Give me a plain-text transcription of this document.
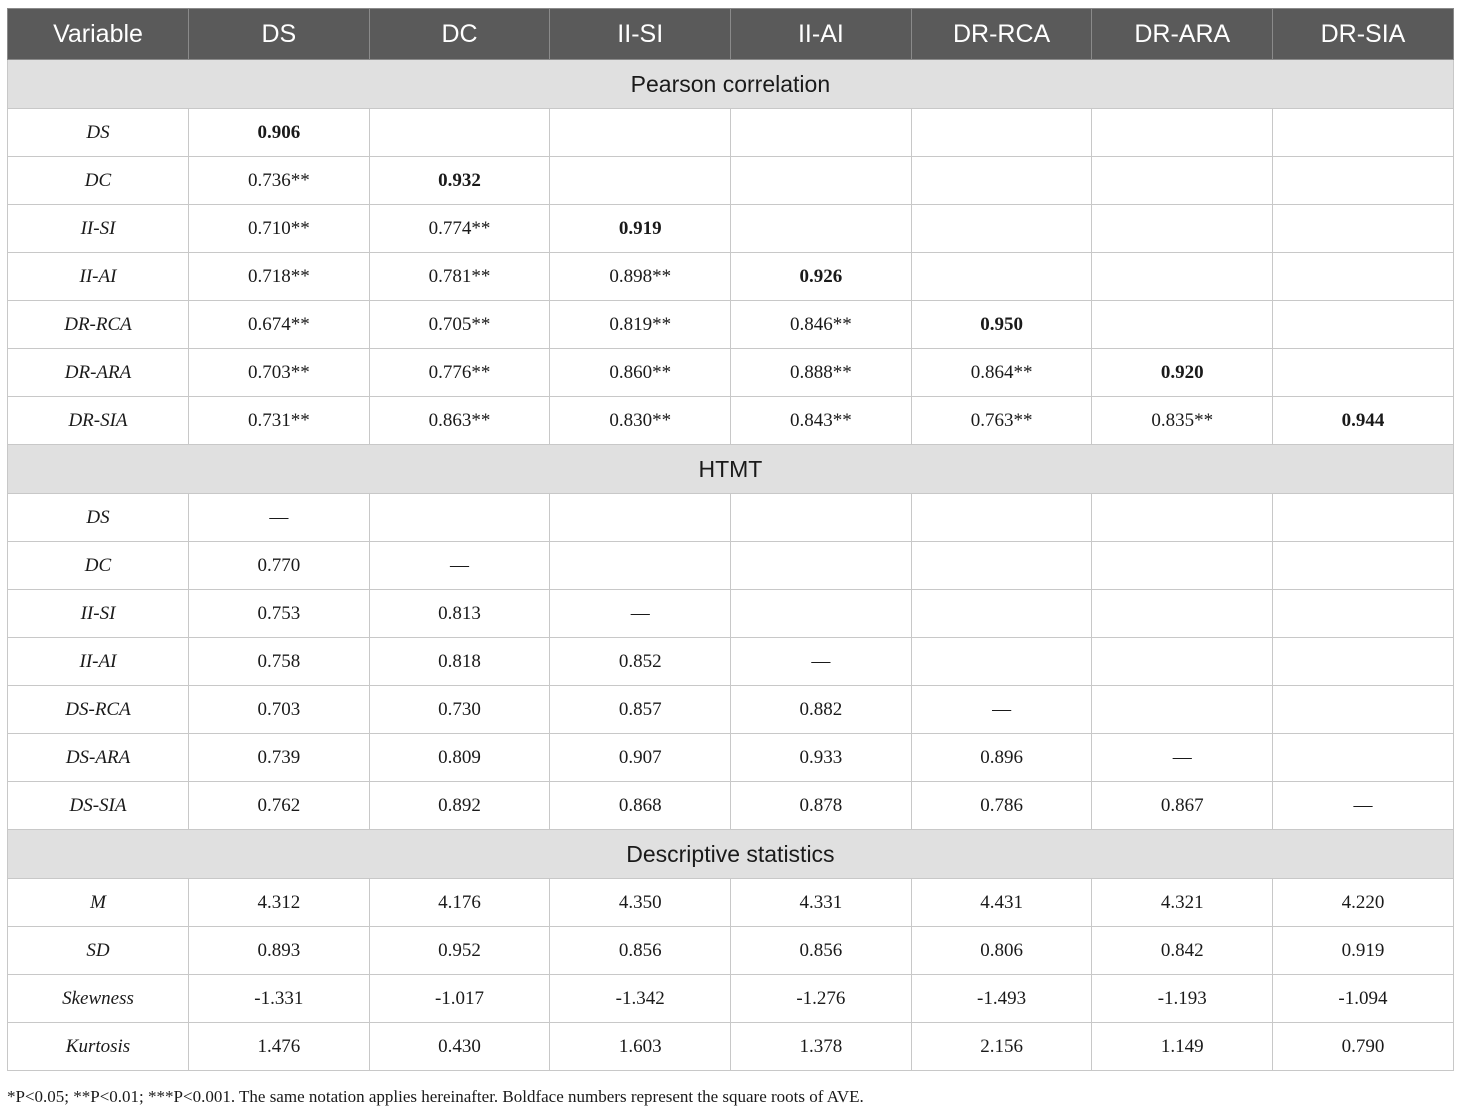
Variable	DS	DC	II-SI	II-AI	DR-RCA	DR-ARA	DR-SIA
Pearson correlation							
DS	0.906						
DC	0.736**	0.932					
II-SI	0.710**	0.774**	0.919				
II-AI	0.718**	0.781**	0.898**	0.926			
DR-RCA	0.674**	0.705**	0.819**	0.846**	0.950		
DR-ARA	0.703**	0.776**	0.860**	0.888**	0.864**	0.920	
DR-SIA	0.731**	0.863**	0.830**	0.843**	0.763**	0.835**	0.944
HTMT							
DS	—						
DC	0.770	—					
II-SI	0.753	0.813	—				
II-AI	0.758	0.818	0.852	—			
DS-RCA	0.703	0.730	0.857	0.882	—		
DS-ARA	0.739	0.809	0.907	0.933	0.896	—	
DS-SIA	0.762	0.892	0.868	0.878	0.786	0.867	—
Descriptive statistics							
M	4.312	4.176	4.350	4.331	4.431	4.321	4.220
SD	0.893	0.952	0.856	0.856	0.806	0.842	0.919
Skewness	-1.331	-1.017	-1.342	-1.276	-1.493	-1.193	-1.094
Kurtosis	1.476	0.430	1.603	1.378	2.156	1.149	0.790
*P<0.05; **P<0.01; ***P<0.001. The same notation applies hereinafter. Boldface numbers represent the square roots of AVE.
